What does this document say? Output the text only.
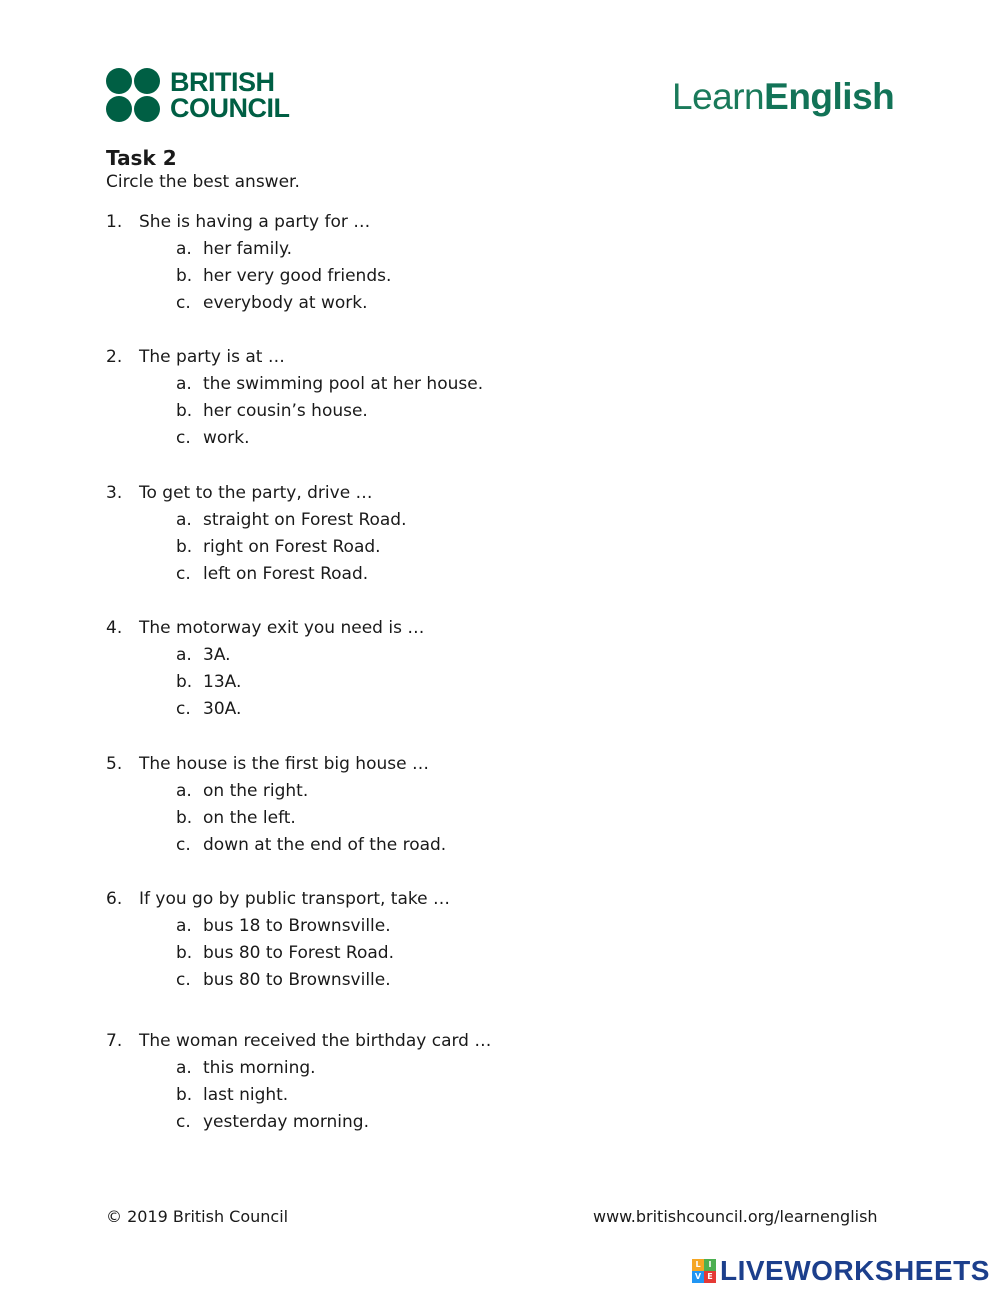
BRITISH
COUNCIL	LearnEnglish
Task 2
Circle the best answer.
1. She is having a party for …
a. her family.
b. her very good friends.
c. everybody at work.
2. The party is at …
a. the swimming pool at her house.
b. her cousin’s house.
c. work.
3. To get to the party, drive …
a. straight on Forest Road.
b. right on Forest Road.
c. left on Forest Road.
4. The motorway exit you need is …
a. 3A.
b. 13A.
c. 30A.
5. The house is the first big house …
a. on the right.
b. on the left.
c. down at the end of the road.
6. If you go by public transport, take …
a. bus 18 to Brownsville.
b. bus 80 to Forest Road.
c. bus 80 to Brownsville.
7. The woman received the birthday card …
a. this morning.
b. last night.
c. yesterday morning.
© 2019 British Council	www.britishcouncil.org/learnenglish
L I
V E LIVEWORKSHEETS
